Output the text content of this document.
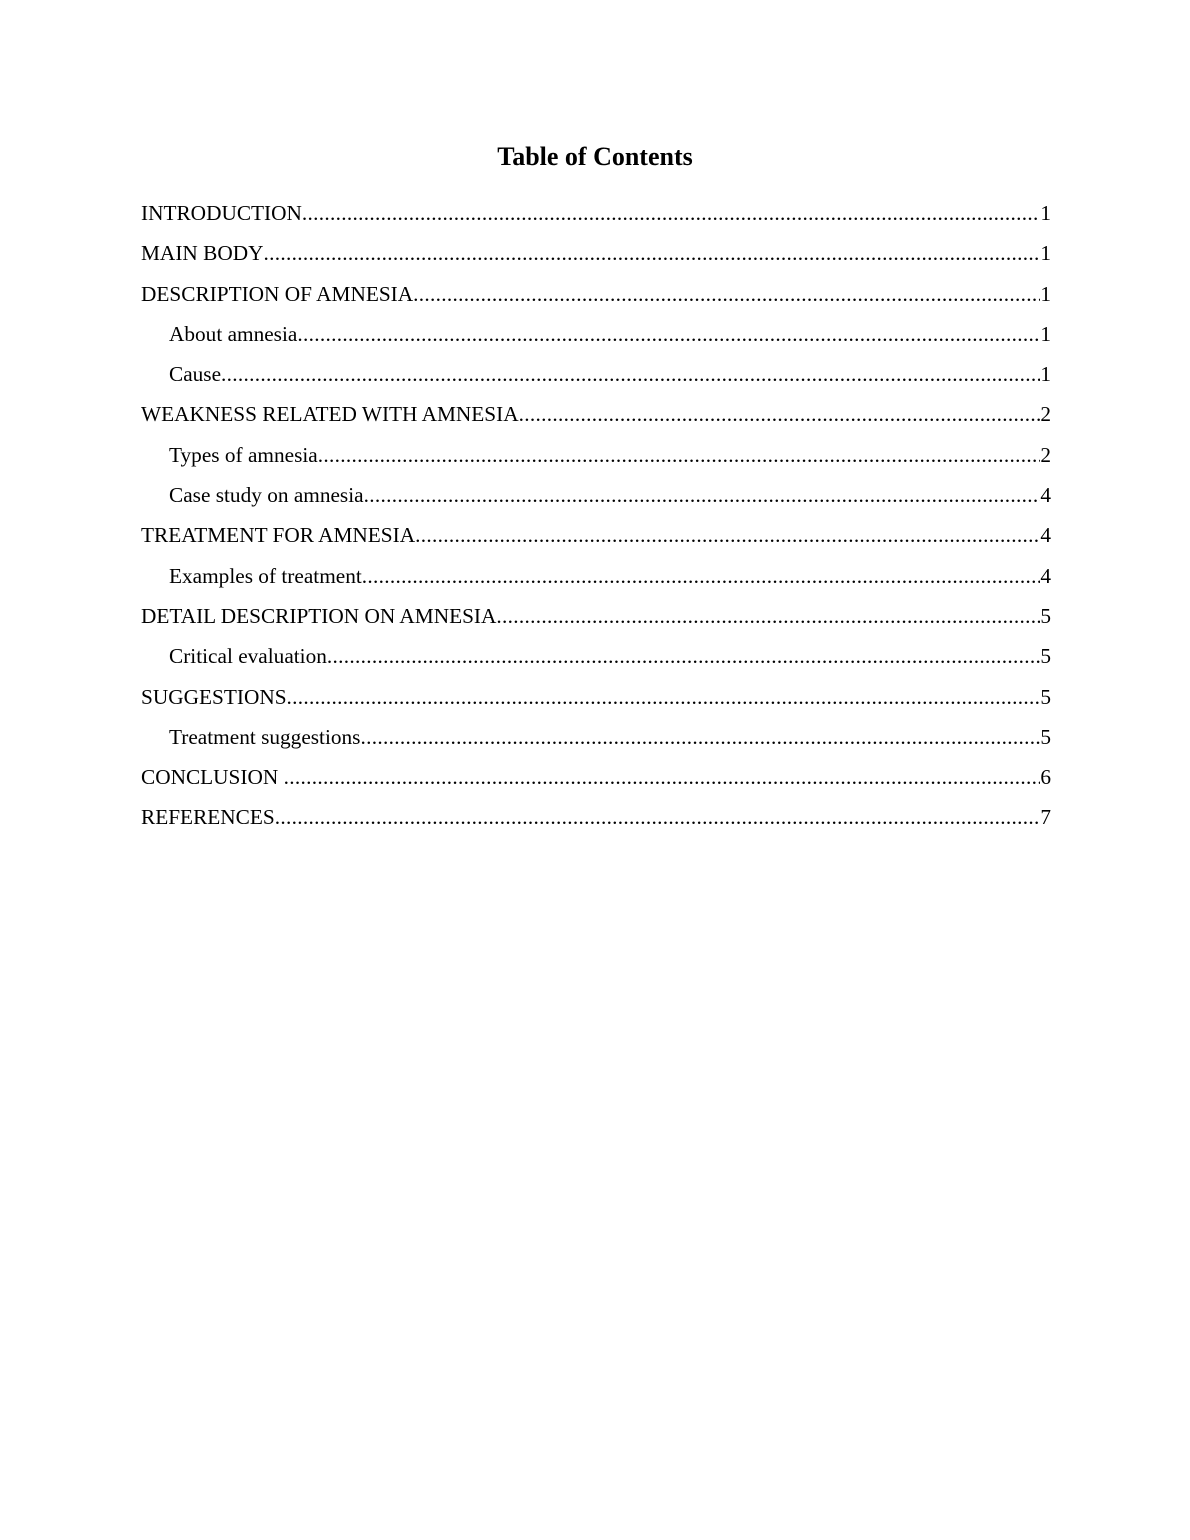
Table of Contents
INTRODUCTION .....	1
MAIN BODY .....	1
DESCRIPTION OF AMNESIA .....	1
About amnesia .....	1
Cause .....	1
WEAKNESS RELATED WITH AMNESIA .....	2
Types of amnesia .....	2
Case study on amnesia .....	4
TREATMENT FOR AMNESIA .....	4
Examples of treatment .....	4
DETAIL DESCRIPTION ON AMNESIA .....	5
Critical evaluation .....	5
SUGGESTIONS .....	5
Treatment suggestions .....	5
CONCLUSION .....	6
REFERENCES .....	7
